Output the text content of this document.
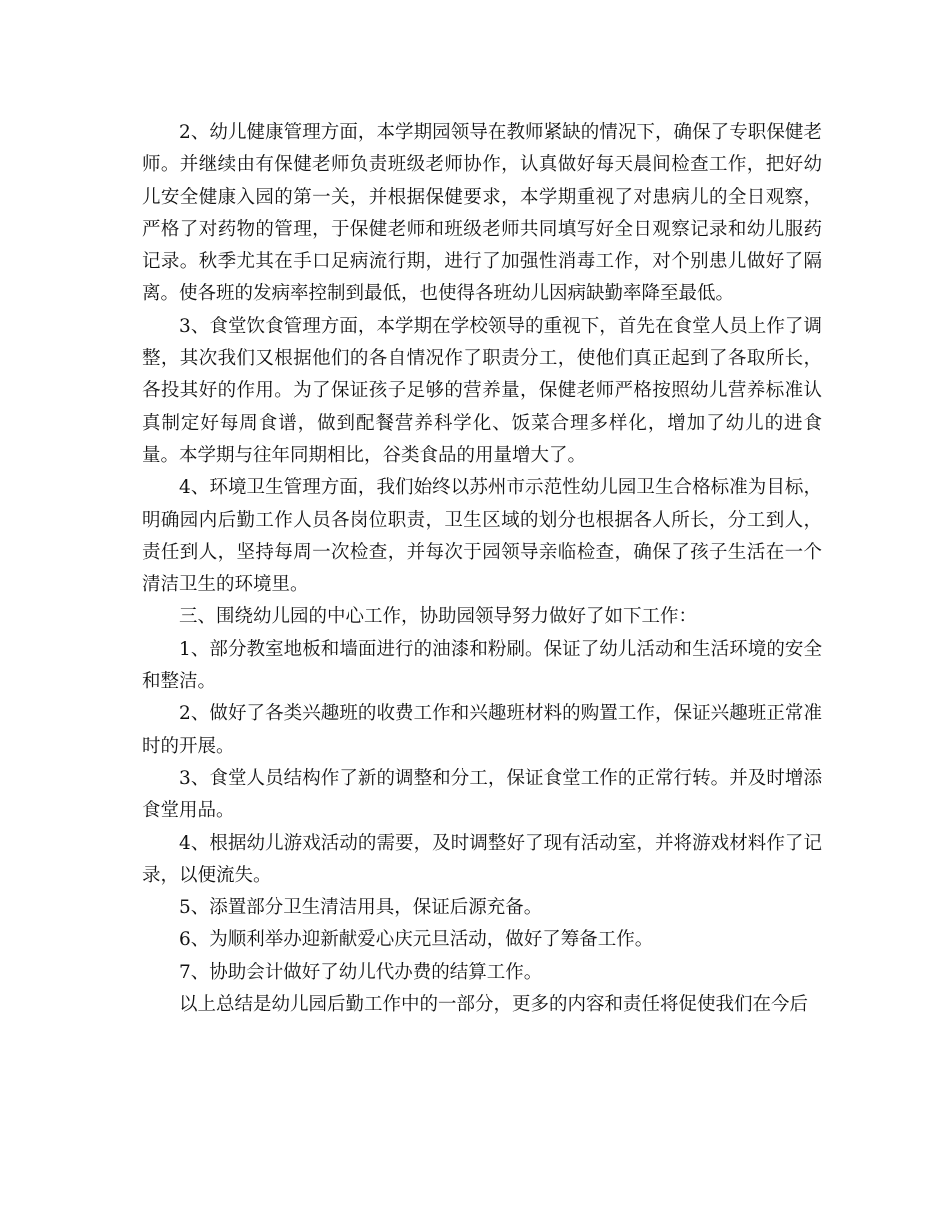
2、幼儿健康管理方面，本学期园领导在教师紧缺的情况下，确保了专职保健老师。并继续由有保健老师负责班级老师协作，认真做好每天晨间检查工作，把好幼儿安全健康入园的第一关，并根据保健要求，本学期重视了对患病儿的全日观察，严格了对药物的管理，于保健老师和班级老师共同填写好全日观察记录和幼儿服药记录。秋季尤其在手口足病流行期，进行了加强性消毒工作，对个别患儿做好了隔离。使各班的发病率控制到最低，也使得各班幼儿因病缺勤率降至最低。

3、食堂饮食管理方面，本学期在学校领导的重视下，首先在食堂人员上作了调整，其次我们又根据他们的各自情况作了职责分工，使他们真正起到了各取所长，各投其好的作用。为了保证孩子足够的营养量，保健老师严格按照幼儿营养标准认真制定好每周食谱，做到配餐营养科学化、饭菜合理多样化，增加了幼儿的进食量。本学期与往年同期相比，谷类食品的用量增大了。

4、环境卫生管理方面，我们始终以苏州市示范性幼儿园卫生合格标准为目标，明确园内后勤工作人员各岗位职责，卫生区域的划分也根据各人所长，分工到人，责任到人，坚持每周一次检查，并每次于园领导亲临检查，确保了孩子生活在一个清洁卫生的环境里。

三、围绕幼儿园的中心工作，协助园领导努力做好了如下工作：

1、部分教室地板和墙面进行的油漆和粉刷。保证了幼儿活动和生活环境的安全和整洁。

2、做好了各类兴趣班的收费工作和兴趣班材料的购置工作，保证兴趣班正常准时的开展。

3、食堂人员结构作了新的调整和分工，保证食堂工作的正常行转。并及时增添食堂用品。

4、根据幼儿游戏活动的需要，及时调整好了现有活动室，并将游戏材料作了记录，以便流失。

5、添置部分卫生清洁用具，保证后源充备。

6、为顺利举办迎新献爱心庆元旦活动，做好了筹备工作。

7、协助会计做好了幼儿代办费的结算工作。

以上总结是幼儿园后勤工作中的一部分，更多的内容和责任将促使我们在今后
